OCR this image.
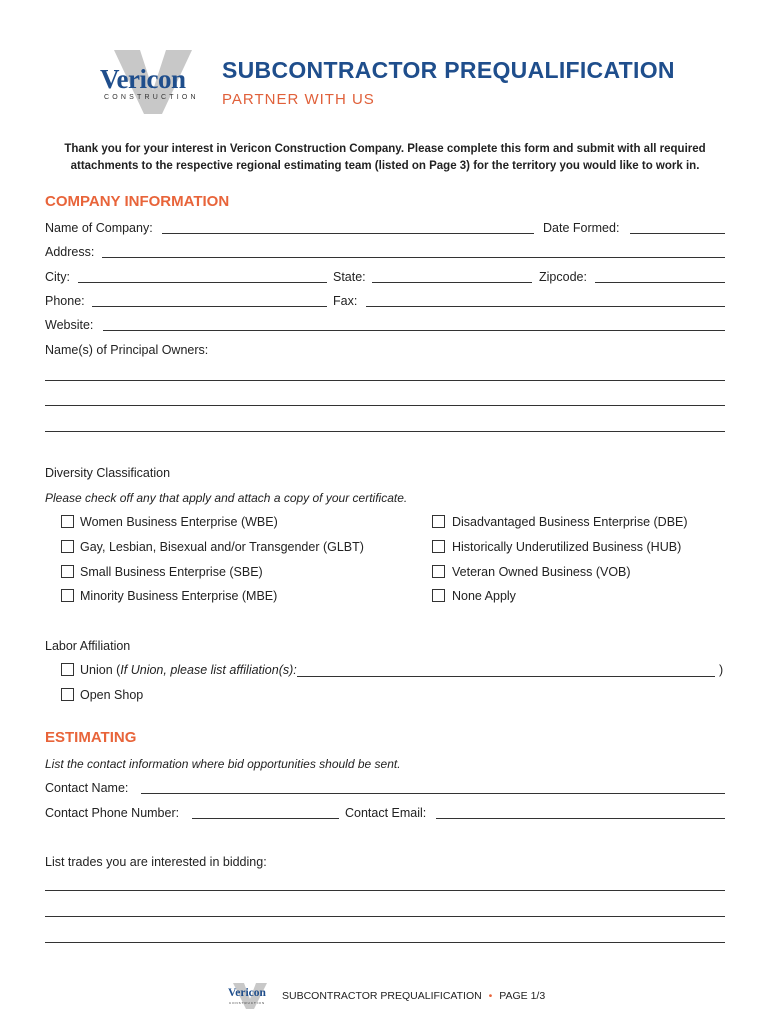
Vericon
CONSTRUCTION
SUBCONTRACTOR PREQUALIFICATION
PARTNER WITH US
Thank you for your interest in Vericon Construction Company. Please complete this form and submit with all required
attachments to the respective regional estimating team (listed on Page 3) for the territory you would like to work in.
COMPANY INFORMATION
Name of Company:	Date Formed:
Address:
City:	State:	Zipcode:
Phone:	Fax:
Website:
Name(s) of Principal Owners:
Diversity Classification
Please check off any that apply and attach a copy of your certificate.
Women Business Enterprise (WBE)
Gay, Lesbian, Bisexual and/or Transgender (GLBT)
Small Business Enterprise (SBE)
Minority Business Enterprise (MBE)
Disadvantaged Business Enterprise (DBE)
Historically Underutilized Business (HUB)
Veteran Owned Business (VOB)
None Apply
Labor Affiliation
Union (If Union, please list affiliation(s):	)
Open Shop
ESTIMATING
List the contact information where bid opportunities should be sent.
Contact Name:
Contact Phone Number:	Contact Email:
List trades you are interested in bidding:
Vericon
CONSTRUCTION
SUBCONTRACTOR PREQUALIFICATION • PAGE 1/3
